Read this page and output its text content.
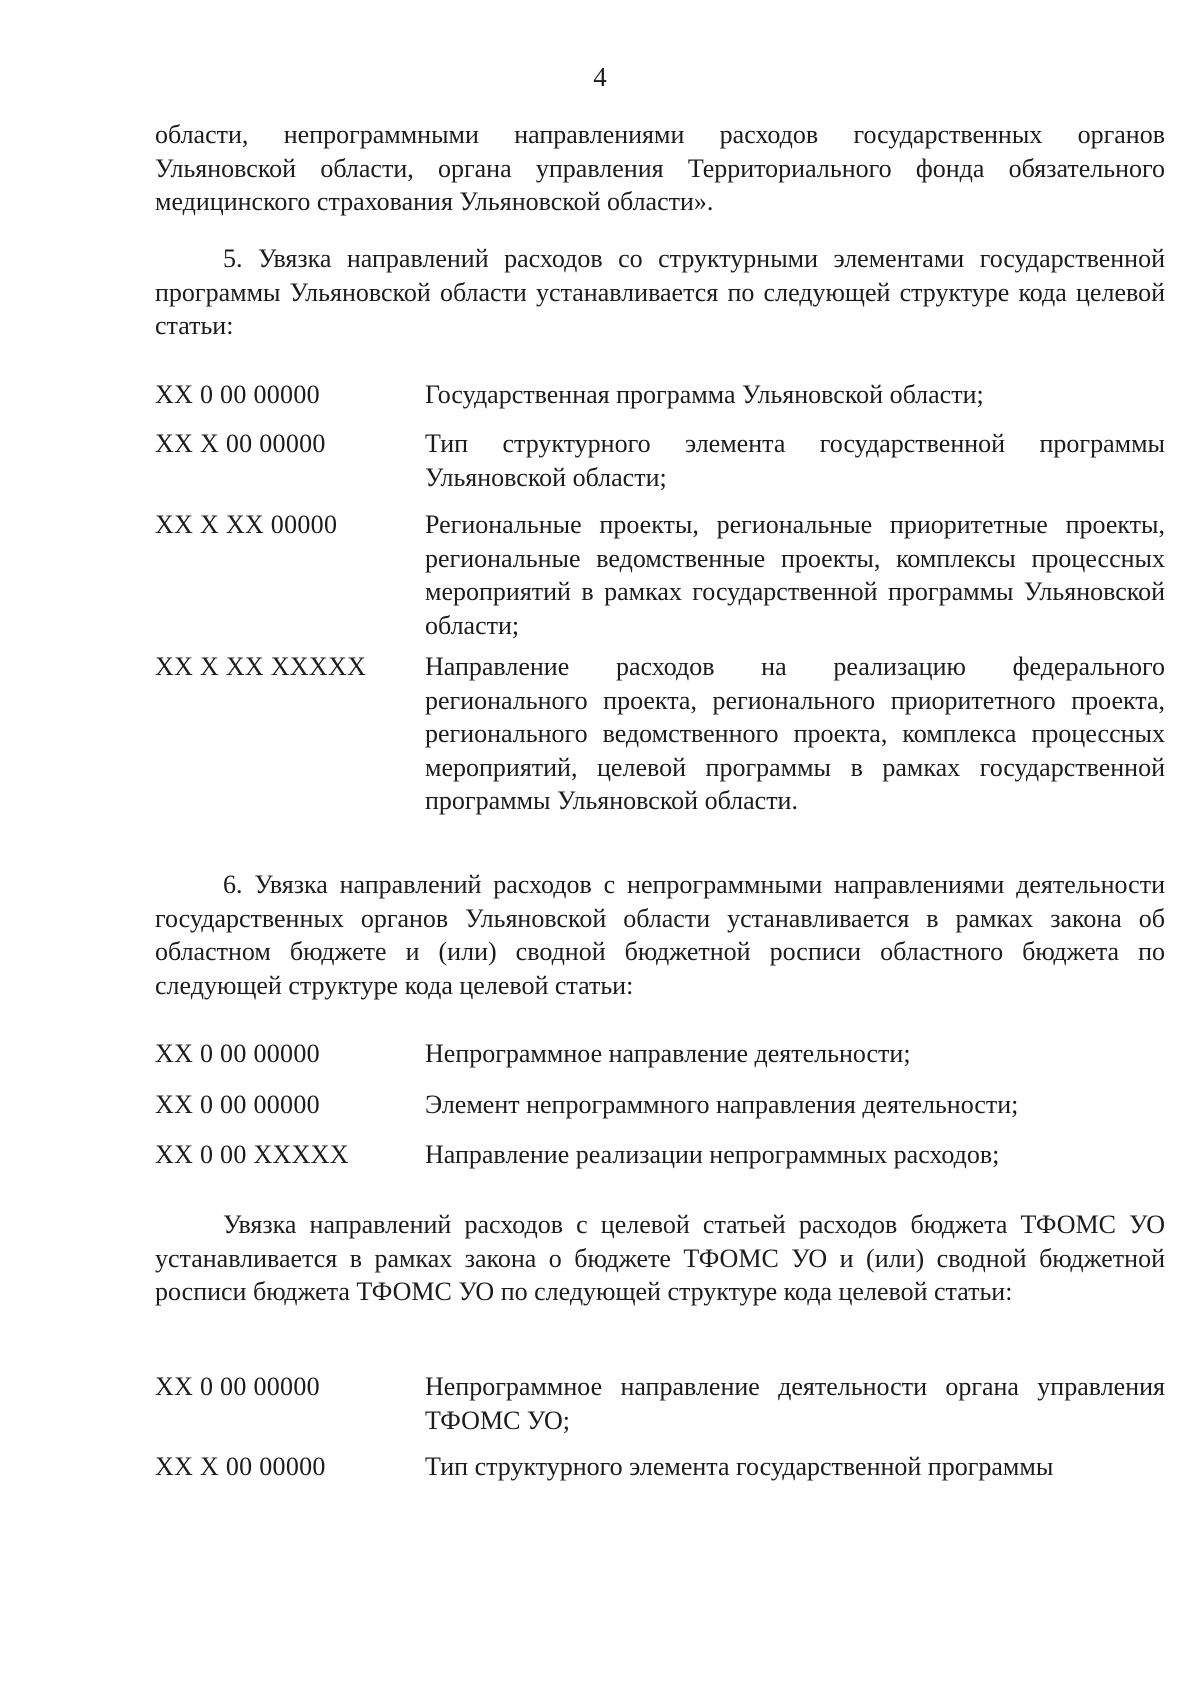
4

области, непрограммными направлениями расходов государственных органов Ульяновской области, органа управления Территориального фонда обязательного медицинского страхования Ульяновской области».

5. Увязка направлений расходов со структурными элементами государственной программы Ульяновской области устанавливается по следующей структуре кода целевой статьи:

XX 0 00 00000	Государственная программа Ульяновской области;

XX X 00 00000	Тип структурного элемента государственной программы Ульяновской области;

XX X XX 00000	Региональные проекты, региональные приоритетные проекты, региональные ведомственные проекты, комплексы процессных мероприятий в рамках государственной программы Ульяновской области;

XX X XX XXXXX	Направление расходов на реализацию федерального регионального проекта, регионального приоритетного проекта, регионального ведомственного проекта, комплекса процессных мероприятий, целевой программы в рамках государственной программы Ульяновской области.

6. Увязка направлений расходов с непрограммными направлениями деятельности государственных органов Ульяновской области устанавливается в рамках закона об областном бюджете и (или) сводной бюджетной росписи областного бюджета по следующей структуре кода целевой статьи:

XX 0 00 00000	Непрограммное направление деятельности;

XX 0 00 00000	Элемент непрограммного направления деятельности;

XX 0 00 XXXXX	Направление реализации непрограммных расходов;

Увязка направлений расходов с целевой статьей расходов бюджета ТФОМС УО устанавливается в рамках закона о бюджете ТФОМС УО и (или) сводной бюджетной росписи бюджета ТФОМС УО по следующей структуре кода целевой статьи:

XX 0 00 00000	Непрограммное направление деятельности органа управления ТФОМС УО;

XX X 00 00000	Тип структурного элемента государственной программы
